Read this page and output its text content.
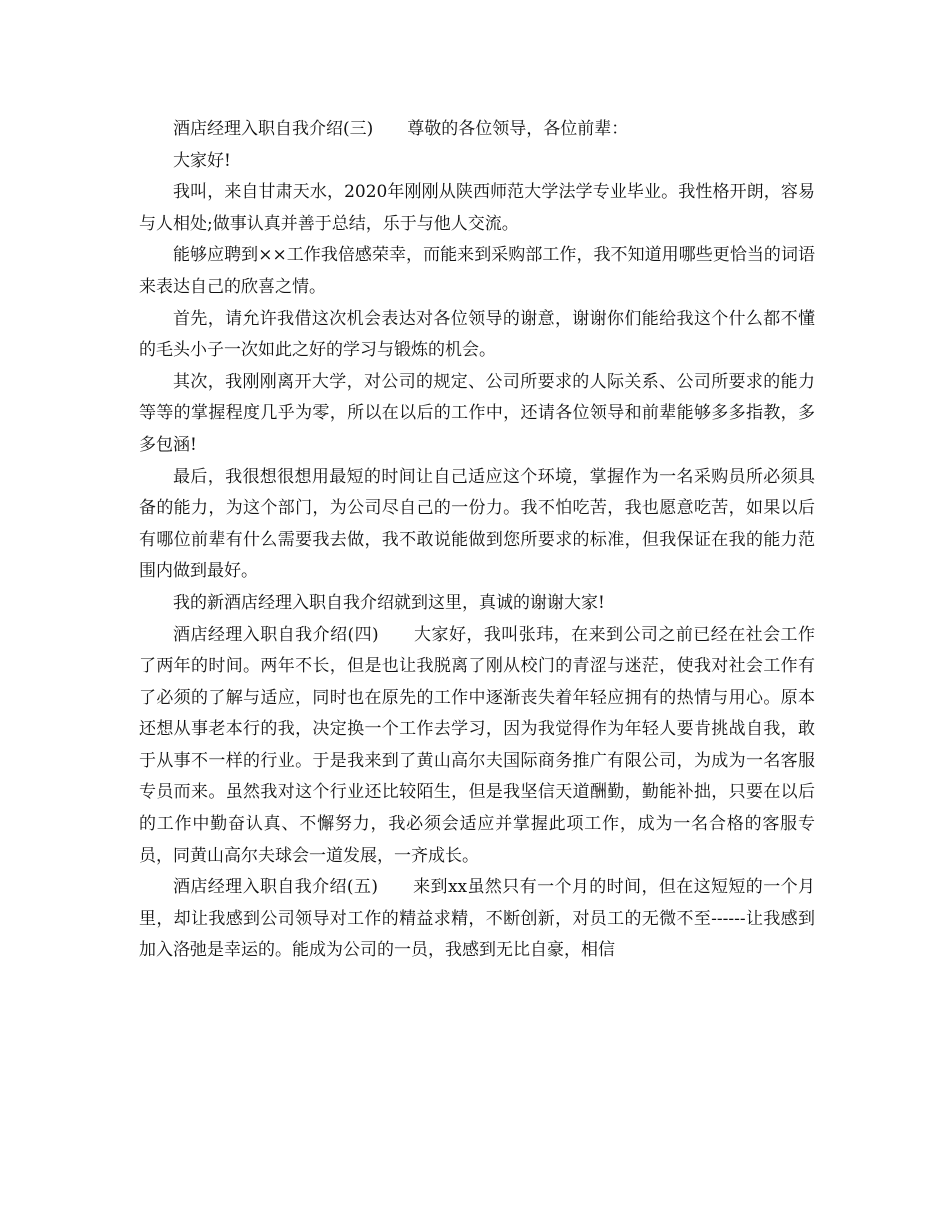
酒店经理入职自我介绍(三)　　尊敬的各位领导，各位前辈：

大家好!

我叫，来自甘肃天水，2020年刚刚从陕西师范大学法学专业毕业。我性格开朗，容易与人相处;做事认真并善于总结，乐于与他人交流。

能够应聘到××工作我倍感荣幸，而能来到采购部工作，我不知道用哪些更恰当的词语来表达自己的欣喜之情。

首先，请允许我借这次机会表达对各位领导的谢意，谢谢你们能给我这个什么都不懂的毛头小子一次如此之好的学习与锻炼的机会。

其次，我刚刚离开大学，对公司的规定、公司所要求的人际关系、公司所要求的能力等等的掌握程度几乎为零，所以在以后的工作中，还请各位领导和前辈能够多多指教，多多包涵!

最后，我很想很想用最短的时间让自己适应这个环境，掌握作为一名采购员所必须具备的能力，为这个部门，为公司尽自己的一份力。我不怕吃苦，我也愿意吃苦，如果以后有哪位前辈有什么需要我去做，我不敢说能做到您所要求的标准，但我保证在我的能力范围内做到最好。

我的新酒店经理入职自我介绍就到这里，真诚的谢谢大家!

酒店经理入职自我介绍(四)　　大家好，我叫张玮，在来到公司之前已经在社会工作了两年的时间。两年不长，但是也让我脱离了刚从校门的青涩与迷茫，使我对社会工作有了必须的了解与适应，同时也在原先的工作中逐渐丧失着年轻应拥有的热情与用心。原本还想从事老本行的我，决定换一个工作去学习，因为我觉得作为年轻人要肯挑战自我，敢于从事不一样的行业。于是我来到了黄山高尔夫国际商务推广有限公司，为成为一名客服专员而来。虽然我对这个行业还比较陌生，但是我坚信天道酬勤，勤能补拙，只要在以后的工作中勤奋认真、不懈努力，我必须会适应并掌握此项工作，成为一名合格的客服专员，同黄山高尔夫球会一道发展，一齐成长。

酒店经理入职自我介绍(五)　　来到xx虽然只有一个月的时间，但在这短短的一个月里，却让我感到公司领导对工作的精益求精，不断创新，对员工的无微不至------让我感到加入洛弛是幸运的。能成为公司的一员，我感到无比自豪，相信
